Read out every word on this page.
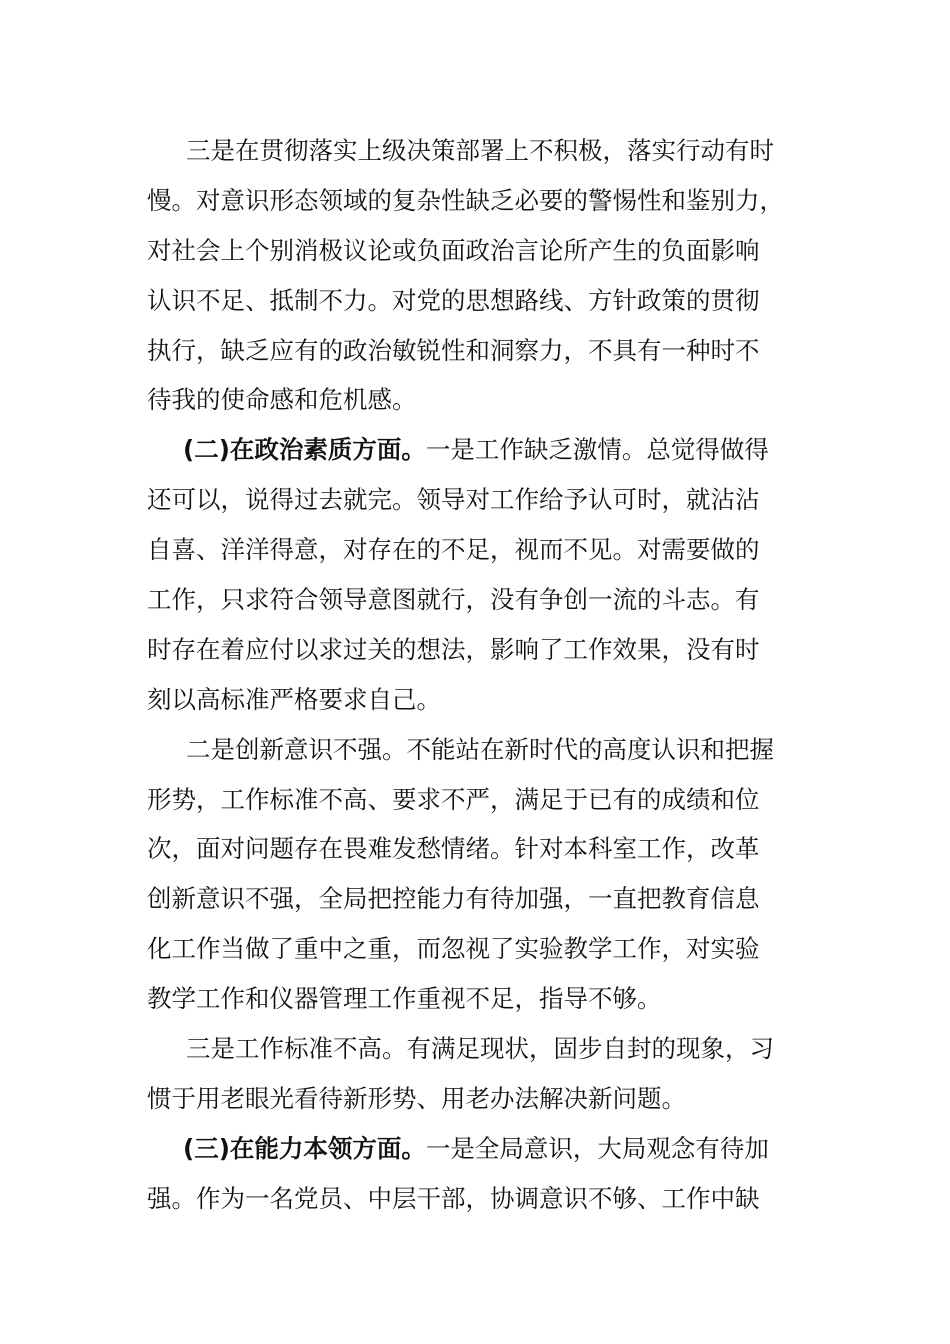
三是在贯彻落实上级决策部署上不积极，落实行动有时
慢。对意识形态领域的复杂性缺乏必要的警惕性和鉴别力，
对社会上个别消极议论或负面政治言论所产生的负面影响
认识不足、抵制不力。对党的思想路线、方针政策的贯彻
执行，缺乏应有的政治敏锐性和洞察力，不具有一种时不
待我的使命感和危机感。
(二)在政治素质方面。一是工作缺乏激情。总觉得做得
还可以，说得过去就完。领导对工作给予认可时，就沾沾
自喜、洋洋得意，对存在的不足，视而不见。对需要做的
工作，只求符合领导意图就行，没有争创一流的斗志。有
时存在着应付以求过关的想法，影响了工作效果，没有时
刻以高标准严格要求自己。
二是创新意识不强。不能站在新时代的高度认识和把握
形势，工作标准不高、要求不严，满足于已有的成绩和位
次，面对问题存在畏难发愁情绪。针对本科室工作，改革
创新意识不强，全局把控能力有待加强，一直把教育信息
化工作当做了重中之重，而忽视了实验教学工作，对实验
教学工作和仪器管理工作重视不足，指导不够。
三是工作标准不高。有满足现状，固步自封的现象，习
惯于用老眼光看待新形势、用老办法解决新问题。
(三)在能力本领方面。一是全局意识，大局观念有待加
强。作为一名党员、中层干部，协调意识不够、工作中缺
